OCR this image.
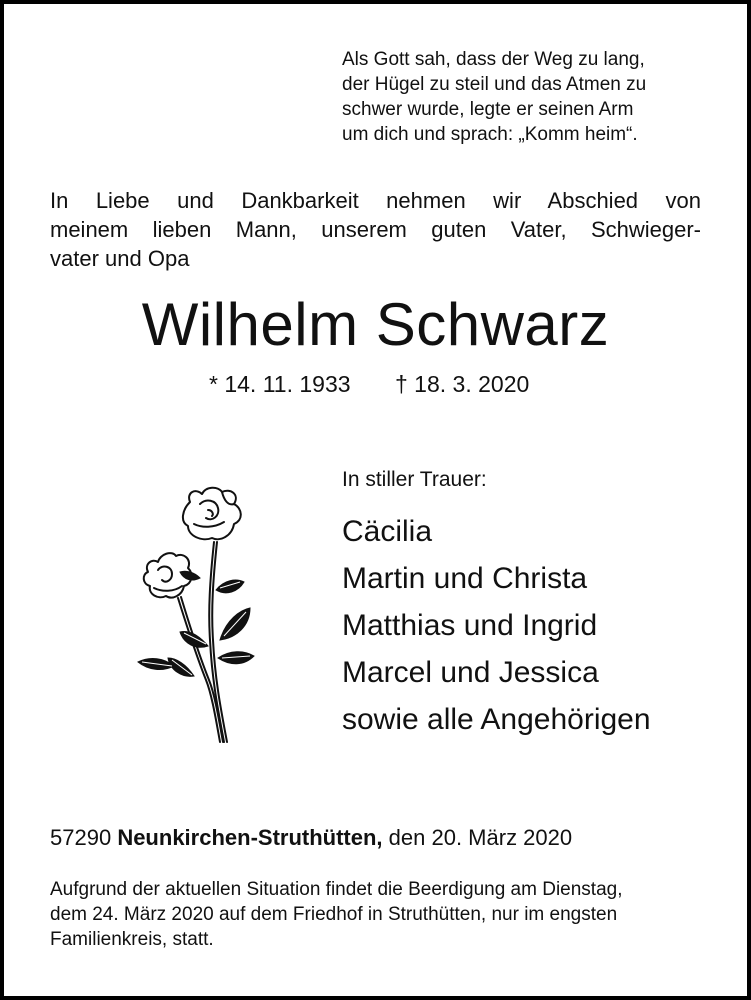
Als Gott sah, dass der Weg zu lang,
der Hügel zu steil und das Atmen zu
schwer wurde, legte er seinen Arm
um dich und sprach: „Komm heim“.
In Liebe und Dankbarkeit nehmen wir Abschied von
meinem lieben Mann, unserem guten Vater, Schwieger-
vater und Opa
Wilhelm Schwarz
* 14. 11. 1933 † 18. 3. 2020
In stiller Trauer:
Cäcilia
Martin und Christa
Matthias und Ingrid
Marcel und Jessica
sowie alle Angehörigen
57290 Neunkirchen-Struthütten, den 20. März 2020
Aufgrund der aktuellen Situation findet die Beerdigung am Dienstag,
dem 24. März 2020 auf dem Friedhof in Struthütten, nur im engsten
Familienkreis, statt.
